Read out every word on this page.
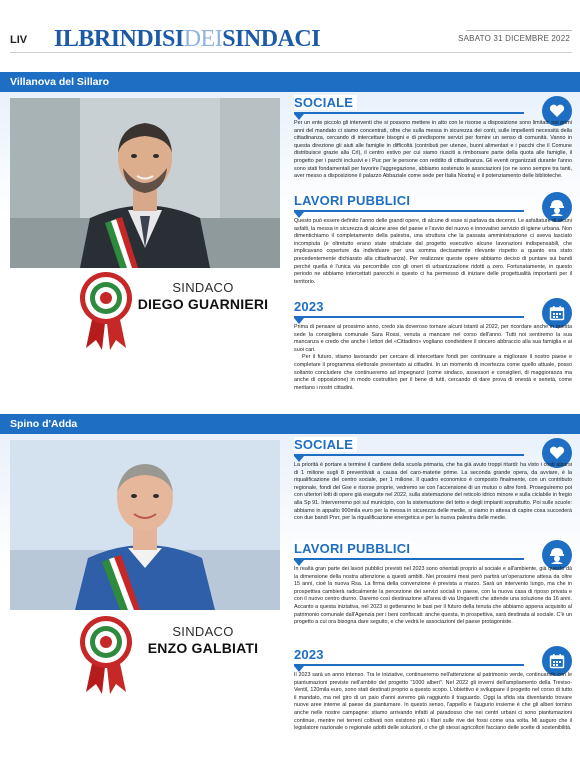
LIV ILBRINDISIDEISINDACI	SABATO 31 DICEMBRE 2022
Villanova del Sillaro
SINDACO
DIEGO GUARNIERI
SOCIALE

Per un ente piccolo gli interventi che si possono mettere in atto con le risorse a disposizione sono limitati: nei primi anni del mandato ci siamo concentrati, oltre che sulla messa in sicurezza dei conti, sulle impellenti necessità della cittadinanza, cercando di intercettare bisogni e di predisporre servizi per fornire un senso di comunità. Vanno in questa direzione gli aiuti alle famiglie in difficoltà (contributi per utenze, buoni alimentari e i pacchi che il Comune distribuisce grazie alla Crl), il centro estivo per cui siamo riusciti a rimborsare parte della quota alle famiglie, il progetto per i parchi inclusivi e i Puc per le persone con reddito di cittadinanza. Gli eventi organizzati durante l'anno sono stati fondamentali per favorire l'aggregazione, abbiamo sostenuto le associazioni (ce ne sono sempre tra tanti, aver messo a disposizione il palazzo Abbaziale come sede per Italia Nostra) e il potenziamento delle biblioteche.

LAVORI PUBBLICI

Questo può essere definito l'anno delle grandi opere, di alcune di esse si parlava da decenni. Le asfaltature di alcuni asfalti, la messa in sicurezza di alcune aree del paese e l'avvio del nuovo e innovativo servizio di igiene urbana. Non dimentichiamo il completamento della palestra, una struttura che la passata amministrazione ci aveva lasciato incompiuta (e oltretutto erano state stralciate dal progetto esecutivo alcune lavorazioni indispensabili, che implicavano coperture da individuare per una somma decisamente rilevante rispetto a quanto era stato precedentemente dichiarato alla cittadinanza). Per realizzare queste opere abbiamo deciso di puntare sui bandi perché quella è l'unica via percorribile con gli oneri di urbanizzazione ridotti a zero. Fortunatamente, in questo periodo ne abbiamo intercettati parecchi e questo ci ha permesso di iniziare delle progettualità importanti per il territorio.

2023

Prima di pensare al prossimo anno, credo sia doveroso tornare alcuni istanti al 2022, per ricordare anche in questa sede la consigliera comunale Sara Rossi, venuta a mancare nel corso dell'anno. Tutti noi sentiremo la sua mancanza e credo che anche i lettori del «Cittadino» vogliano condividere il sincero abbraccio alla sua famiglia e ai suoi cari.

Per il futuro, stiamo lavorando per cercare di intercettare fondi per continuare a migliorare il nostro paese e completare il programma elettorale presentato ai cittadini. In un momento di incertezza come quello attuale, posso soltanto concludere che continueremo ad impegnarci (come sindaco, assessori e consiglieri, di maggioranza ma anche di opposizione) in modo costruttivo per il bene di tutti, cercando di dare prova di onestà e serietà, come meritano i nostri cittadini.

Spino d'Adda
SINDACO
ENZO GALBIATI
SOCIALE

La priorità è portare a termine il cantiere della scuola primaria, che ha già avuto troppi ritardi: ha visto i costi alzarsi di 1 milione sugli 8 preventivati a causa del caro-materie prime. La seconda grande opera, da avviare, è la riqualificazione del centro sociale, per 1 milione. Il quadro economico è composto finalmente, con un contributo regionale, fondi del Gse e risorse proprie, vedremo se con l'accensione di un mutuo o altre fonti. Proseguiremo poi con ulteriori lotti di opere già eseguite nel 2022, sulla sistemazione del reticolo idrico minore e sulla ciclabile in fregio alla Sp 91. Interverremo poi sul municipio, con la sistemazione del tetto e degli impianti soprattutto. Poi sulle scuole: abbiamo in appalto 900mila euro per la messa in sicurezza delle medie, si siamo in attesa di capire cosa succederà con due bandi Pnrr, per la riqualificazione energetica e per la nuova palestra delle medie.

LAVORI PUBBLICI

In realtà gran parte dei lavori pubblici previsti nel 2023 sono orientati proprio al sociale e all'ambiente, già questo dà la dimensione della nostra attenzione a questi ambiti. Nei prossimi mesi però partirà un'operazione attesa da oltre 15 anni, cioè la nuova Rsa. La firma della convenzione è prevista a marzo. Sarà un intervento lungo, ma che in prospettiva cambierà radicalmente la percezione dei servizi sociali in paese, con la nuova casa di riposo privata e con il nuovo centro diurno. Daremo così destinazione all'area di via Ungaretti che attende una soluzione da 16 anni. Accanto a questa iniziativa, nel 2023 si getteranno le basi per il futuro della tenuta che abbiamo appena acquisito al patrimonio comunale dall'Agenzia per i beni confiscati: anche questa, in prospettiva, sarà destinata al sociale. C'è un progetto a cui ora bisogna dare seguito, e che vedrà le associazioni del paese protagoniste.

2023

Il 2023 sarà un anno intenso. Tra le iniziative, continueremo nell'attenzione al patrimonio verde, continuando con le piantumazioni previste nell'ambito del progetto "1000 alberi". Nel 2022 gli inverni dell'ampliamento della Treviso-Ventil, 120mila euro, sono stati destinati proprio a questo scopo. L'obiettivo è sviluppare il progetto nel corso di tutto il mandato, ma nel giro di un paio d'anni avremo già raggiunto il traguardo. Oggi la sfida sta diventando trovare nuove aree interne al paese da piantumare. In questo senso, l'appello e l'augurio insieme è che gli alberi tornino anche nelle nostre campagne: stiamo arrivando infatti al paradosso che nei centri urbani ci sono piantumazioni continue, mentre nei terreni coltivati non esistono più i filari sulle rive dei fossi come una volta. Mi auguro che il legislatore nazionale o regionale adotti delle soluzioni, o che gli stessi agricoltori facciano delle scelte di sostenibilità.
